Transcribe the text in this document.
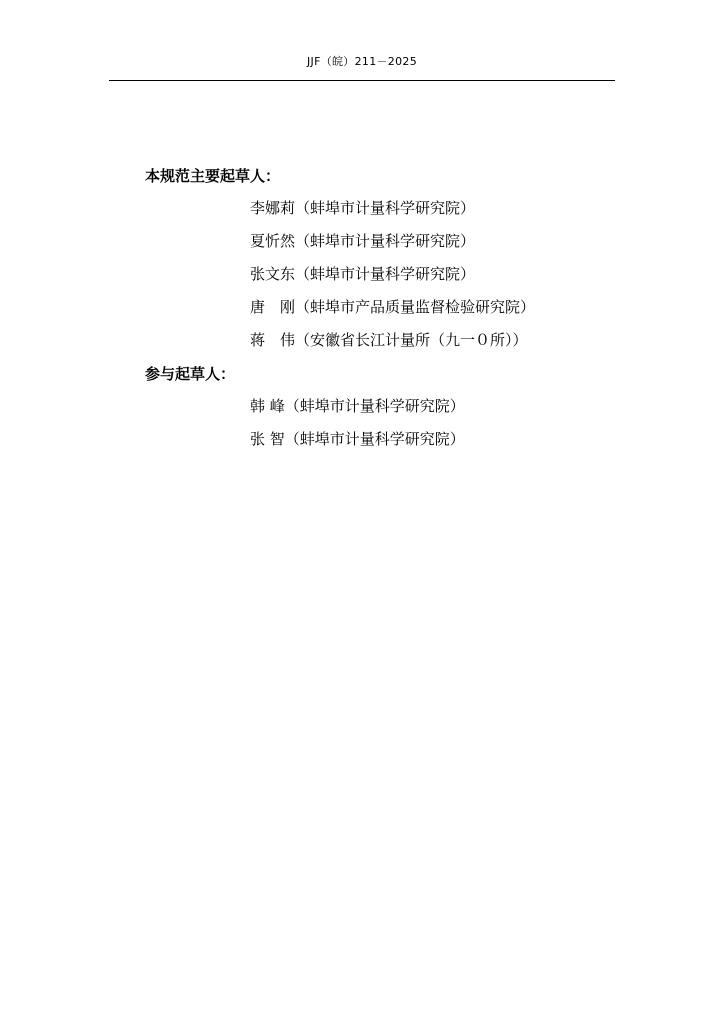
JJF（皖）211－2025
本规范主要起草人：
李娜莉（蚌埠市计量科学研究院）
夏忻然（蚌埠市计量科学研究院）
张文东（蚌埠市计量科学研究院）
唐　刚（蚌埠市产品质量监督检验研究院）
蒋　伟（安徽省长江计量所（九一０所））
参与起草人：
韩 峰（蚌埠市计量科学研究院）
张 智（蚌埠市计量科学研究院）
